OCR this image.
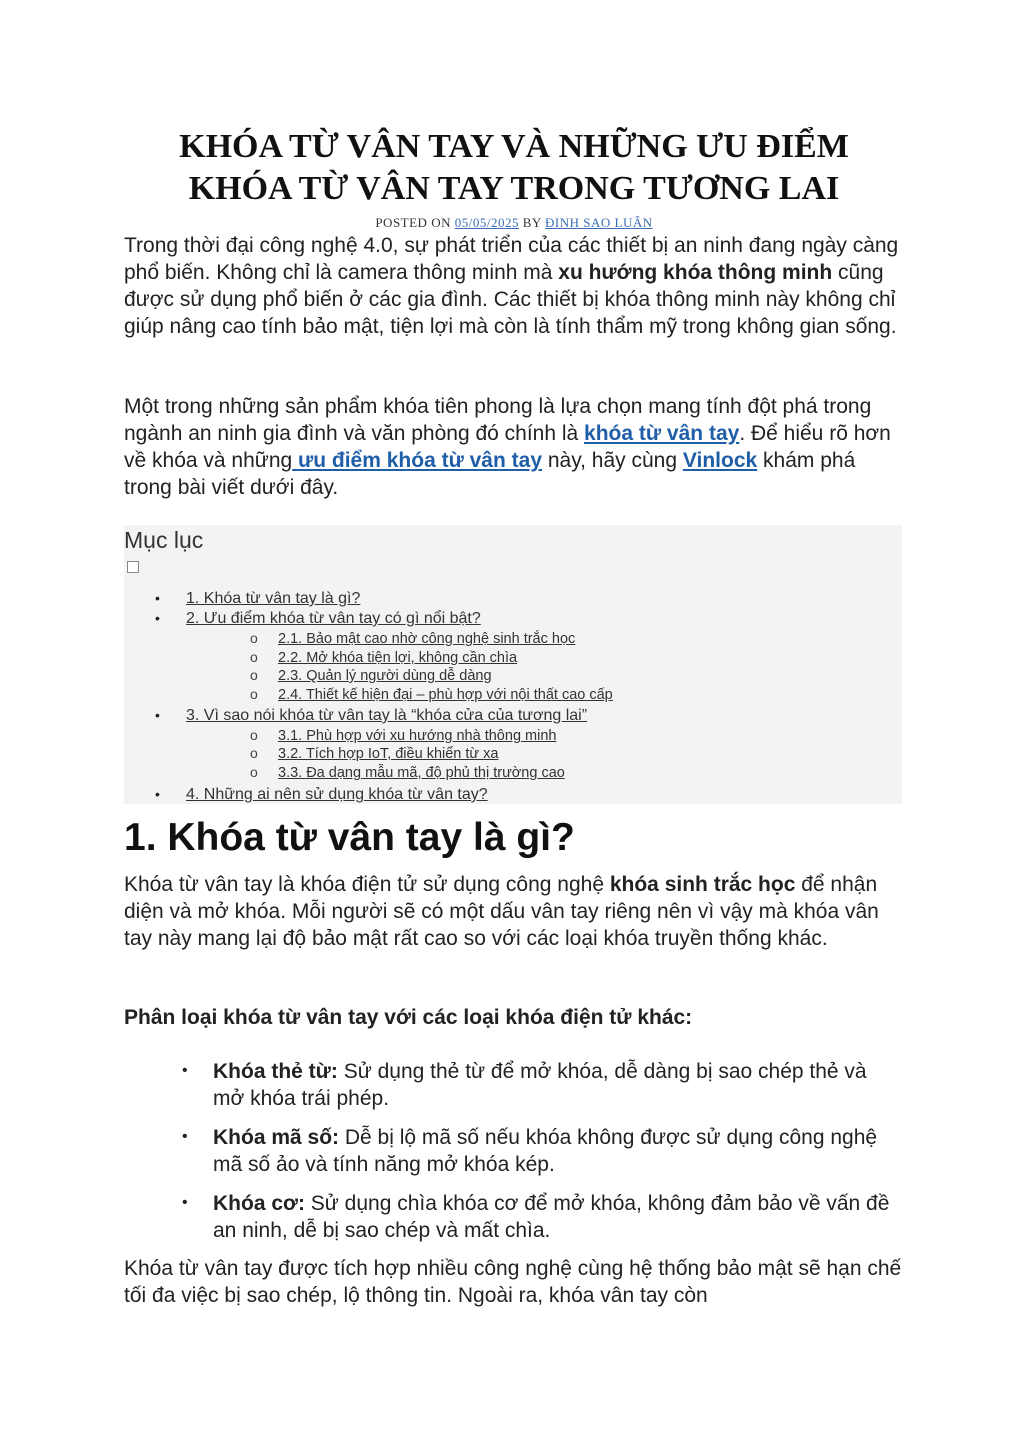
KHÓA TỪ VÂN TAY VÀ NHỮNG ƯU ĐIỂM
KHÓA TỪ VÂN TAY TRONG TƯƠNG LAI
POSTED ON 05/05/2025 BY ĐINH SAO LUÂN

Trong thời đại công nghệ 4.0, sự phát triển của các thiết bị an ninh đang ngày càng phổ biến. Không chỉ là camera thông minh mà xu hướng khóa thông minh cũng được sử dụng phổ biến ở các gia đình. Các thiết bị khóa thông minh này không chỉ giúp nâng cao tính bảo mật, tiện lợi mà còn là tính thẩm mỹ trong không gian sống.

Một trong những sản phẩm khóa tiên phong là lựa chọn mang tính đột phá trong ngành an ninh gia đình và văn phòng đó chính là khóa từ vân tay. Để hiểu rõ hơn về khóa và những ưu điểm khóa từ vân tay này, hãy cùng Vinlock khám phá trong bài viết dưới đây.

Mục lục
• 1. Khóa từ vân tay là gì?
• 2. Ưu điểm khóa từ vân tay có gì nổi bật?
o 2.1. Bảo mật cao nhờ công nghệ sinh trắc học
o 2.2. Mở khóa tiện lợi, không cần chìa
o 2.3. Quản lý người dùng dễ dàng
o 2.4. Thiết kế hiện đại – phù hợp với nội thất cao cấp
• 3. Vì sao nói khóa từ vân tay là “khóa cửa của tương lai”
o 3.1. Phù hợp với xu hướng nhà thông minh
o 3.2. Tích hợp IoT, điều khiển từ xa
o 3.3. Đa dạng mẫu mã, độ phủ thị trường cao
• 4. Những ai nên sử dụng khóa từ vân tay?
1. Khóa từ vân tay là gì?

Khóa từ vân tay là khóa điện tử sử dụng công nghệ khóa sinh trắc học để nhận diện và mở khóa. Mỗi người sẽ có một dấu vân tay riêng nên vì vậy mà khóa vân tay này mang lại độ bảo mật rất cao so với các loại khóa truyền thống khác.

Phân loại khóa từ vân tay với các loại khóa điện tử khác:

• Khóa thẻ từ: Sử dụng thẻ từ để mở khóa, dễ dàng bị sao chép thẻ và mở khóa trái phép.

• Khóa mã số: Dễ bị lộ mã số nếu khóa không được sử dụng công nghệ mã số ảo và tính năng mở khóa kép.

• Khóa cơ: Sử dụng chìa khóa cơ để mở khóa, không đảm bảo về vấn đề an ninh, dễ bị sao chép và mất chìa.

Khóa từ vân tay được tích hợp nhiều công nghệ cùng hệ thống bảo mật sẽ hạn chế tối đa việc bị sao chép, lộ thông tin. Ngoài ra, khóa vân tay còn
